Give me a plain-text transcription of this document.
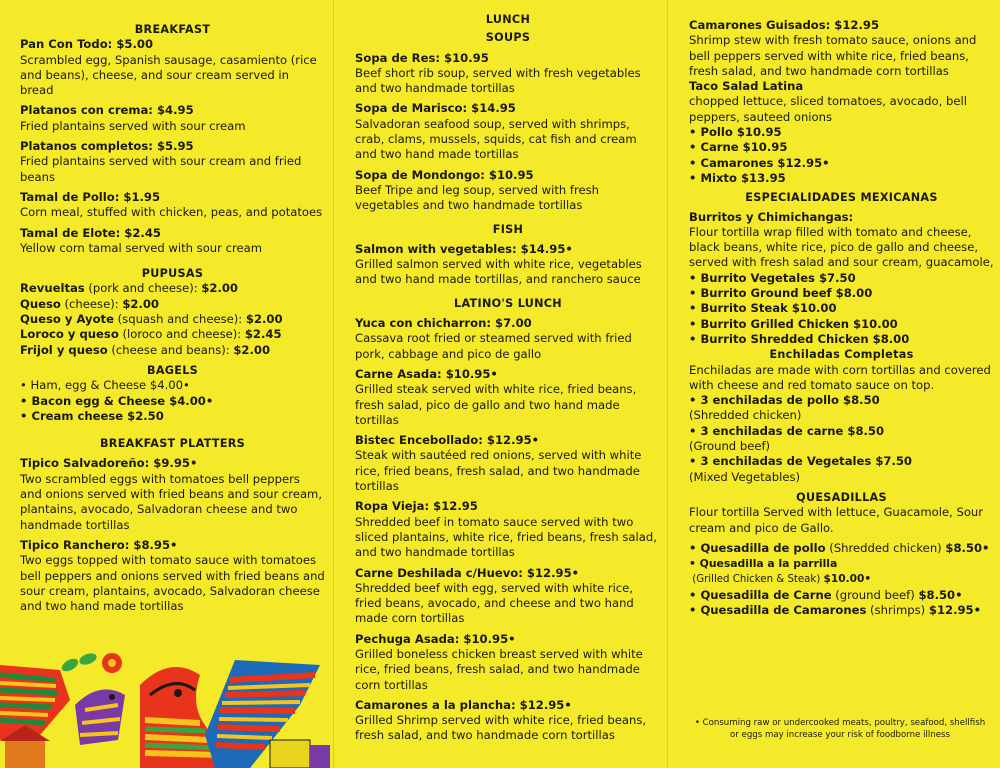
BREAKFAST
Pan Con Todo: $5.00
Scrambled egg, Spanish sausage, casamiento (rice and beans), cheese, and sour cream served in bread
Platanos con crema: $4.95
Fried plantains served with sour cream
Platanos completos: $5.95
Fried plantains served with sour cream and fried beans
Tamal de Pollo: $1.95
Corn meal, stuffed with chicken, peas, and potatoes
Tamal de Elote: $2.45
Yellow corn tamal served with sour cream
PUPUSAS
Revueltas (pork and cheese): $2.00
Queso (cheese): $2.00
Queso y Ayote (squash and cheese): $2.00
Loroco y queso (loroco and cheese): $2.45
Frijol y queso (cheese and beans): $2.00
BAGELS
• Ham, egg & Cheese $4.00•
• Bacon egg & Cheese $4.00•
• Cream cheese $2.50
BREAKFAST PLATTERS
Tipico Salvadoreño: $9.95•
Two scrambled eggs with tomatoes bell peppers and onions served with fried beans and sour cream, plantains, avocado, Salvadoran cheese and two handmade tortillas
Tipico Ranchero: $8.95•
Two eggs topped with tomato sauce with tomatoes bell peppers and onions served with fried beans and sour cream, plantains, avocado, Salvadoran cheese and two hand made tortillas
LUNCH
SOUPS
Sopa de Res: $10.95
Beef short rib soup, served with fresh vegetables and two handmade tortillas
Sopa de Marisco: $14.95
Salvadoran seafood soup, served with shrimps, crab, clams, mussels, squids, cat fish and cream and two hand made tortillas
Sopa de Mondongo: $10.95
Beef Tripe and leg soup, served with fresh vegetables and two handmade tortillas
FISH
Salmon with vegetables: $14.95•
Grilled salmon served with white rice, vegetables and two hand made tortillas, and ranchero sauce
LATINO'S LUNCH
Yuca con chicharron: $7.00
Cassava root fried or steamed served with fried pork, cabbage and pico de gallo
Carne Asada: $10.95•
Grilled steak served with white rice, fried beans, fresh salad, pico de gallo and two hand made tortillas
Bistec Encebollado: $12.95•
Steak with sautéed red onions, served with white rice, fried beans, fresh salad, and two handmade tortillas
Ropa Vieja: $12.95
Shredded beef in tomato sauce served with two sliced plantains, white rice, fried beans, fresh salad, and two handmade tortillas
Carne Deshilada c/Huevo: $12.95•
Shredded beef with egg, served with white rice, fried beans, avocado, and cheese and two hand made corn tortillas
Pechuga Asada: $10.95•
Grilled boneless chicken breast served with white rice, fried beans, fresh salad, and two handmade corn tortillas
Camarones a la plancha: $12.95•
Grilled Shrimp served with white rice, fried beans, fresh salad, and two handmade corn tortillas
Camarones Guisados: $12.95
Shrimp stew with fresh tomato sauce, onions and bell peppers served with white rice, fried beans, fresh salad, and two handmade corn tortillas
Taco Salad Latina
chopped lettuce, sliced tomatoes, avocado, bell peppers, sauteed onions
• Pollo $10.95
• Carne $10.95
• Camarones $12.95•
• Mixto $13.95
ESPECIALIDADES MEXICANAS
Burritos y Chimichangas:
Flour tortilla wrap filled with tomato and cheese, black beans, white rice, pico de gallo and cheese, served with fresh salad and sour cream, guacamole,
• Burrito Vegetales $7.50
• Burrito Ground beef $8.00
• Burrito Steak $10.00
• Burrito Grilled Chicken $10.00
• Burrito Shredded Chicken $8.00
Enchiladas Completas
Enchiladas are made with corn tortillas and covered with cheese and red tomato sauce on top.
• 3 enchiladas de pollo $8.50
(Shredded chicken)
• 3 enchiladas de carne $8.50
(Ground beef)
• 3 enchiladas de Vegetales $7.50
(Mixed Vegetables)
QUESADILLAS
Flour tortilla Served with lettuce, Guacamole, Sour cream and pico de Gallo.
• Quesadilla de pollo (Shredded chicken) $8.50•
• Quesadilla a la parrilla (Grilled Chicken & Steak) $10.00•
• Quesadilla de Carne (ground beef) $8.50•
• Quesadilla de Camarones (shrimps) $12.95•
• Consuming raw or undercooked meats, poultry, seafood, shellfish or eggs may increase your risk of foodborne illness
